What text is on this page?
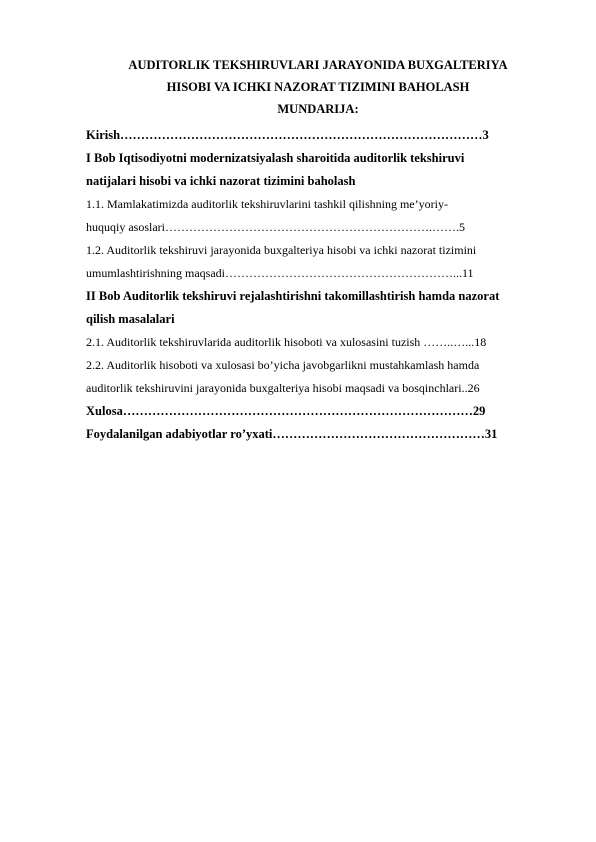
AUDITORLIK TEKSHIRUVLARI JARAYONIDA BUXGALTERIYA
HISOBI VA ICHKI NAZORAT TIZIMINI BAHOLASH
MUNDARIJA:
Kirish……………………………………………………………………………3
I Bob Iqtisodiyotni modernizatsiyalash sharoitida auditorlik tekshiruvi
natijalari hisobi va ichki nazorat tizimini baholash
1.1. Mamlakatimizda auditorlik tekshiruvlarini tashkil qilishning me’yoriy-
huquqiy asoslari………………………………………………………….…….5
1.2. Auditorlik tekshiruvi jarayonida buxgalteriya hisobi va ichki nazorat tizimini
umumlashtirishning maqsadi…………………………………………………...11
II Bob Auditorlik tekshiruvi rejalashtirishni takomillashtirish hamda nazorat
qilish masalalari
2.1. Auditorlik tekshiruvlarida auditorlik hisoboti va xulosasini tuzish ……..…...18
2.2. Auditorlik hisoboti va xulosasi bo’yicha javobgarlikni mustahkamlash hamda
auditorlik tekshiruvini jarayonida buxgalteriya hisobi maqsadi va bosqinchlari..26
Xulosa…………………………………………………………………………29
Foydalanilgan adabiyotlar ro’yxati……………………………………………31
